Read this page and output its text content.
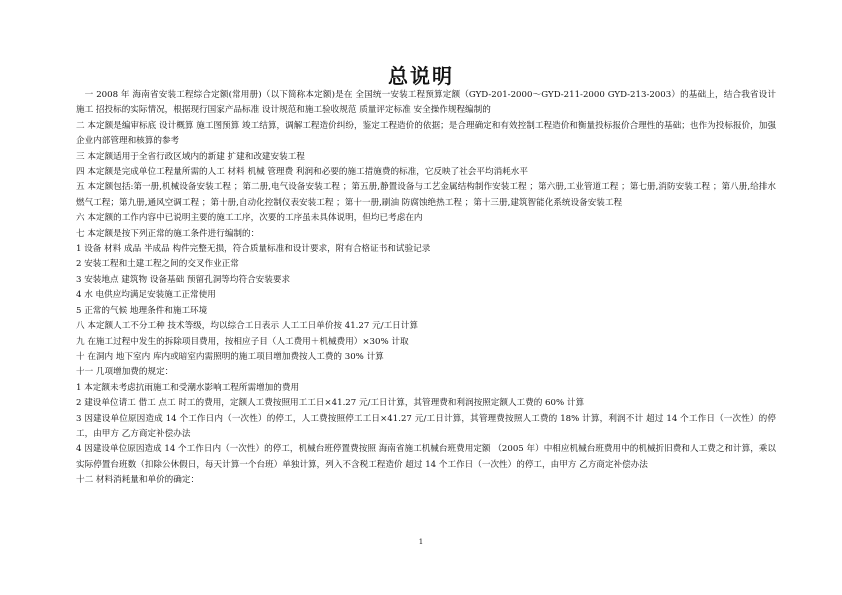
总说明

一 2008 年 海南省安装工程综合定额(常用册)（以下简称本定额)是在 全国统一安装工程预算定额（GYD-201-2000～GYD-211-2000 GYD-213-2003）的基础上，结合我省设计 施工 招投标的实际情况，根据现行国家产品标准 设计规范和施工验收规范 质量评定标准 安全操作规程编制的

二 本定额是编审标底 设计概算 施工图预算 竣工结算，调解工程造价纠纷，鉴定工程造价的依据；是合理确定和有效控制工程造价和衡量投标报价合理性的基础；也作为投标报价，加强企业内部管理和核算的参考

三 本定额适用于全省行政区域内的新建 扩建和改建安装工程

四 本定额是完成单位工程量所需的人工 材料 机械 管理费 利润和必要的施工措施费的标准，它反映了社会平均消耗水平

五 本定额包括:第一册,机械设备安装工程 ；第二册,电气设备安装工程 ；第五册,静置设备与工艺金属结构制作安装工程 ；第六册,工业管道工程 ；第七册,消防安装工程 ；第八册,给排水 燃气工程；第九册,通风空调工程 ；第十册,自动化控制仪表安装工程 ；第十一册,刷油 防腐蚀绝热工程 ；第十三册,建筑智能化系统设备安装工程

六 本定额的工作内容中已说明主要的施工工序，次要的工序虽未具体说明，但均已考虑在内

七 本定额是按下列正常的施工条件进行编制的：

1 设备 材料 成品 半成品 构件完整无损，符合质量标准和设计要求，附有合格证书和试验记录

2 安装工程和土建工程之间的交叉作业正常

3 安装地点 建筑物 设备基础 预留孔洞等均符合安装要求

4 水 电供应均满足安装施工正常使用

5 正常的气候 地理条件和施工环境

八 本定额人工不分工种 技术等级，均以综合工日表示 人工工日单价按 41.27 元/工日计算

九 在施工过程中发生的拆除项目费用，按相应子目（人工费用＋机械费用）×30% 计取

十 在洞内 地下室内 库内或暗室内需照明的施工项目增加费按人工费的 30% 计算

十一 几项增加费的规定：

1 本定额未考虑抗雨施工和受潮水影响工程所需增加的费用

2 建设单位请工 借工 点工 时工的费用，定额人工费按照用工工日×41.27 元/工日计算，其管理费和利润按照定额人工费的 60% 计算

3 因建设单位原因造成 14 个工作日内（一次性）的停工，人工费按照停工工日×41.27 元/工日计算，其管理费按照人工费的 18% 计算，利润不计 超过 14 个工作日（一次性）的停工，由甲方 乙方商定补偿办法

4 因建设单位原因造成 14 个工作日内（一次性）的停工，机械台班停置费按照 海南省施工机械台班费用定额 （2005 年）中相应机械台班费用中的机械折旧费和人工费之和计算，乘以实际停置台班数（扣除公休假日，每天计算一个台班）单独计算，列入不含税工程造价 超过 14 个工作日（一次性）的停工，由甲方 乙方商定补偿办法

十二 材料消耗量和单价的确定：

1
